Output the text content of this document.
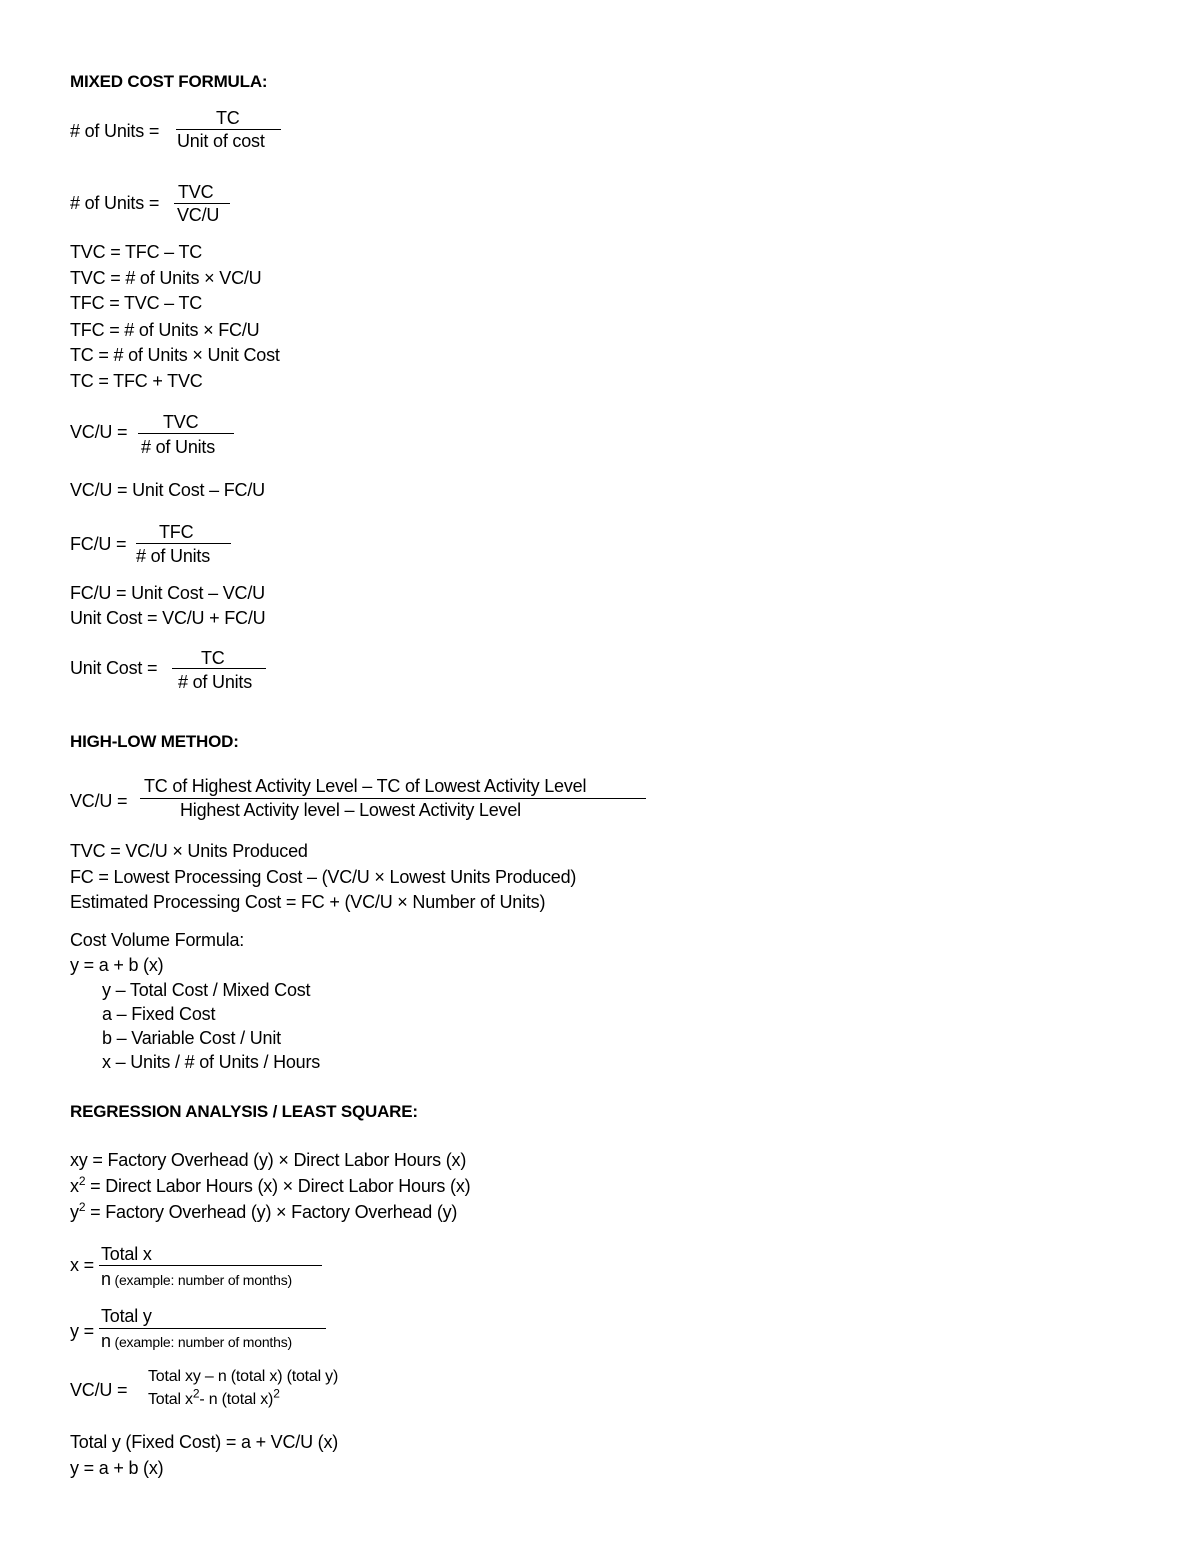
MIXED COST FORMULA:
# of Units =
TC
Unit of cost
# of Units =
TVC
VC/U
TVC = TFC – TC
TVC = # of Units × VC/U
TFC = TVC – TC
TFC = # of Units × FC/U
TC = # of Units × Unit Cost
TC = TFC + TVC
VC/U = TVC
# of Units
VC/U = Unit Cost – FC/U
FC/U =
TFC
# of Units
FC/U = Unit Cost – VC/U
Unit Cost = VC/U + FC/U
Unit Cost = TC
# of Units
HIGH-LOW METHOD:
VC/U =
TC of Highest Activity Level – TC of Lowest Activity Level
Highest Activity level – Lowest Activity Level
TVC = VC/U × Units Produced
FC = Lowest Processing Cost – (VC/U × Lowest Units Produced)
Estimated Processing Cost = FC + (VC/U × Number of Units)
Cost Volume Formula:
y = a + b (x)
y – Total Cost / Mixed Cost
a – Fixed Cost
b – Variable Cost / Unit
x – Units / # of Units / Hours
REGRESSION ANALYSIS / LEAST SQUARE:
xy = Factory Overhead (y) × Direct Labor Hours (x)
$x^2$ = Direct Labor Hours (x) × Direct Labor Hours (x)
$y^2$ = Factory Overhead (y) × Factory Overhead (y)
x =
Total x
n (example: number of months)
y =
Total y
n (example: number of months)
VC/U =
Total xy – n (total x) (total y)
Total $x^2-$ n (total x)$^2$
Total y (Fixed Cost) = a + VC/U (x)
y = a + b (x)
